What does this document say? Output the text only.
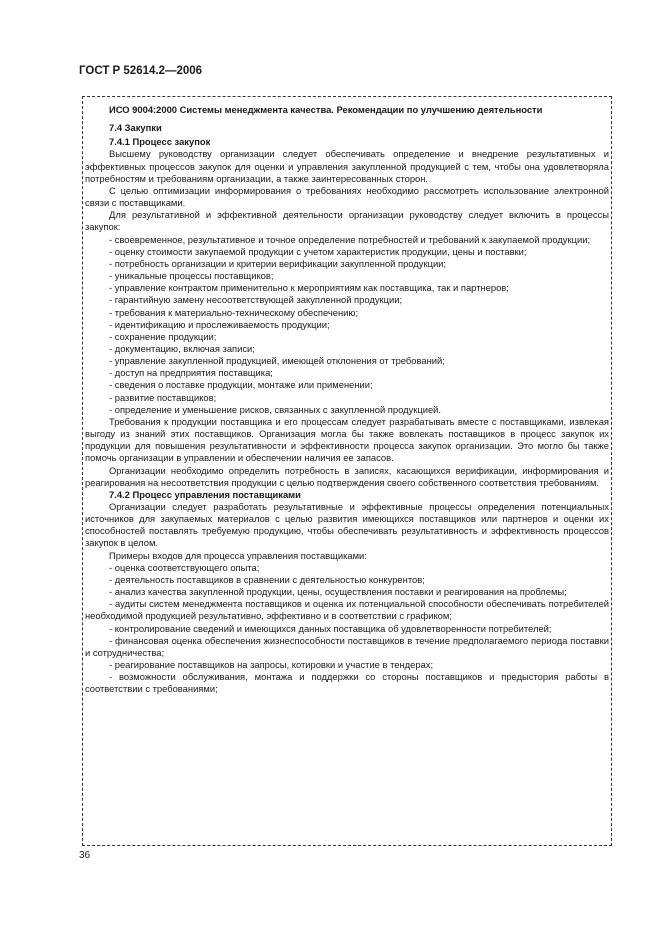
ГОСТ Р 52614.2—2006

ИСО 9004:2000 Системы менеджмента качества. Рекомендации по улучшению деятельности

7.4 Закупки

7.4.1 Процесс закупок

Высшему руководству организации следует обеспечивать определение и внедрение результативных и эффективных процессов закупок для оценки и управления закупленной продукцией с тем, чтобы она удовлетворяла потребностям и требованиям организации, а также заинтересованных сторон.

С целью оптимизации информирования о требованиях необходимо рассмотреть использование электронной связи с поставщиками.

Для результативной и эффективной деятельности организации руководству следует включить в процессы закупок:

- своевременное, результативное и точное определение потребностей и требований к закупаемой продукции;

- оценку стоимости закупаемой продукции с учетом характеристик продукции, цены и поставки;

- потребность организации и критерии верификации закупленной продукции;

- уникальные процессы поставщиков;

- управление контрактом применительно к мероприятиям как поставщика, так и партнеров;

- гарантийную замену несоответствующей закупленной продукции;

- требования к материально-техническому обеспечению;

- идентификацию и прослеживаемость продукции;

- сохранение продукции;

- документацию, включая записи;

- управление закупленной продукцией, имеющей отклонения от требований;

- доступ на предприятия поставщика;

- сведения о поставке продукции, монтаже или применении;

- развитие поставщиков;

- определение и уменьшение рисков, связанных с закупленной продукцией.

Требования к продукции поставщика и его процессам следует разрабатывать вместе с поставщиками, извлекая выгоду из знаний этих поставщиков. Организация могла бы также вовлекать поставщиков в процесс закупок их продукции для повышения результативности и эффективности процесса закупок организации. Это могло бы также помочь организации в управлении и обеспечении наличия ее запасов.

Организации необходимо определить потребность в записях, касающихся верификации, информирования и реагирования на несоответствия продукции с целью подтверждения своего собственного соответствия требованиям.

7.4.2 Процесс управления поставщиками

Организации следует разработать результативные и эффективные процессы определения потенциальных источников для закупаемых материалов с целью развития имеющихся поставщиков или партнеров и оценки их способностей поставлять требуемую продукцию, чтобы обеспечивать результативность и эффективность процессов закупок в целом.

Примеры входов для процесса управления поставщиками:

- оценка соответствующего опыта;

- деятельность поставщиков в сравнении с деятельностью конкурентов;

- анализ качества закупленной продукции, цены, осуществления поставки и реагирования на проблемы;

- аудиты систем менеджмента поставщиков и оценка их потенциальной способности обеспечивать потребителей необходимой продукцией результативно, эффективно и в соответствии с графиком;

- контролирование сведений и имеющихся данных поставщика об удовлетворенности потребителей;

- финансовая оценка обеспечения жизнеспособности поставщиков в течение предполагаемого периода поставки и сотрудничества;

- реагирование поставщиков на запросы, котировки и участие в тендерах;

- возможности обслуживания, монтажа и поддержки со стороны поставщиков и предыстория работы в соответствии с требованиями;

36
